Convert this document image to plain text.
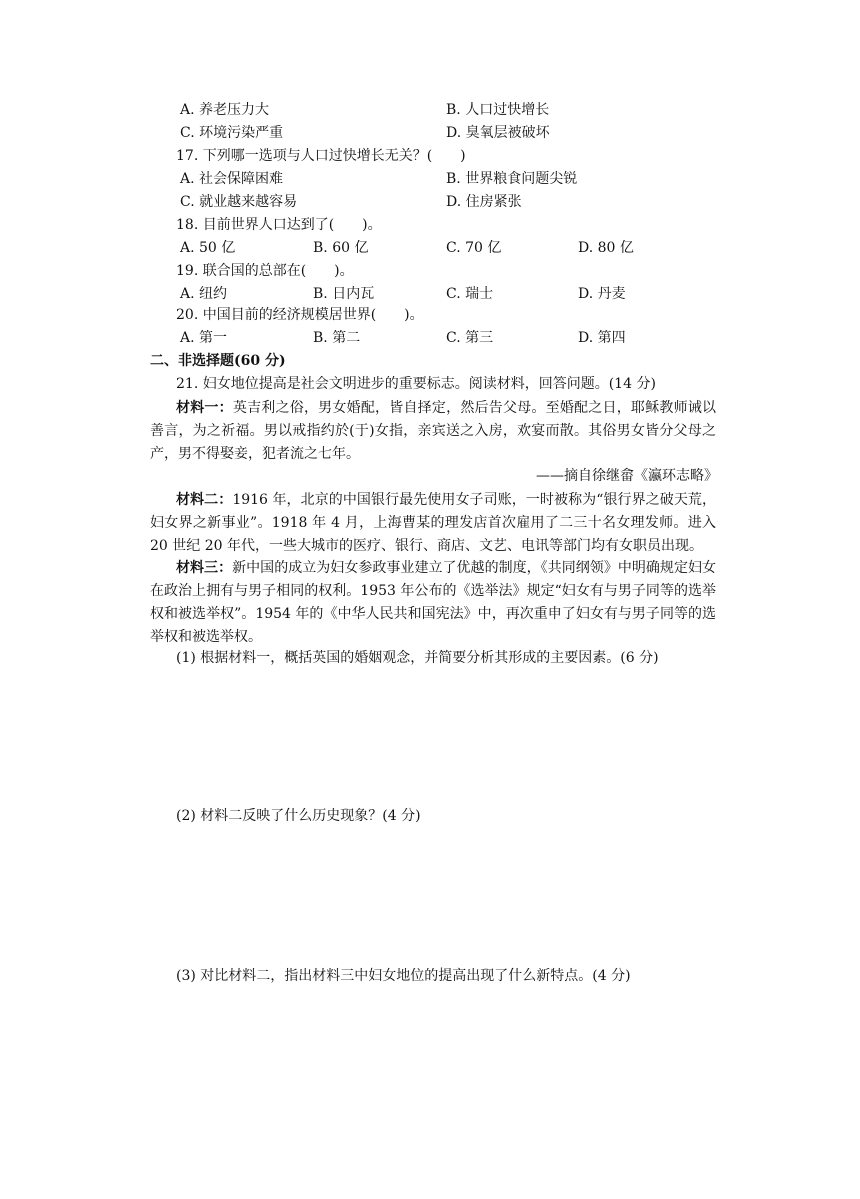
A. 养老压力大	B. 人口过快增长
C. 环境污染严重	D. 臭氧层被破坏
17. 下列哪一选项与人口过快增长无关？(　　)
A. 社会保障困难	B. 世界粮食问题尖锐
C. 就业越来越容易	D. 住房紧张
18. 目前世界人口达到了(　　)。
A. 50 亿	B. 60 亿	C. 70 亿	D. 80 亿
19. 联合国的总部在(　　)。
A. 纽约	B. 日内瓦	C. 瑞士	D. 丹麦
20. 中国目前的经济规模居世界(　　)。
A. 第一	B. 第二	C. 第三	D. 第四
二、非选择题(60 分)
21. 妇女地位提高是社会文明进步的重要标志。阅读材料，回答问题。(14 分)
材料一：英吉利之俗，男女婚配，皆自择定，然后告父母。至婚配之日，耶稣教师诫以善言，为之祈福。男以戒指约於(于)女指，亲宾送之入房，欢宴而散。其俗男女皆分父母之产，男不得娶妾，犯者流之七年。
——摘自徐继畲《瀛环志略》
材料二：1916 年，北京的中国银行最先使用女子司账，一时被称为“银行界之破天荒，妇女界之新事业”。1918 年 4 月，上海曹某的理发店首次雇用了二三十名女理发师。进入 20 世纪 20 年代，一些大城市的医疗、银行、商店、文艺、电讯等部门均有女职员出现。
材料三：新中国的成立为妇女参政事业建立了优越的制度，《共同纲领》中明确规定妇女在政治上拥有与男子相同的权利。1953 年公布的《选举法》规定“妇女有与男子同等的选举权和被选举权”。1954 年的《中华人民共和国宪法》中，再次重申了妇女有与男子同等的选举权和被选举权。
(1) 根据材料一，概括英国的婚姻观念，并简要分析其形成的主要因素。(6 分)
(2) 材料二反映了什么历史现象？(4 分)
(3) 对比材料二，指出材料三中妇女地位的提高出现了什么新特点。(4 分)
